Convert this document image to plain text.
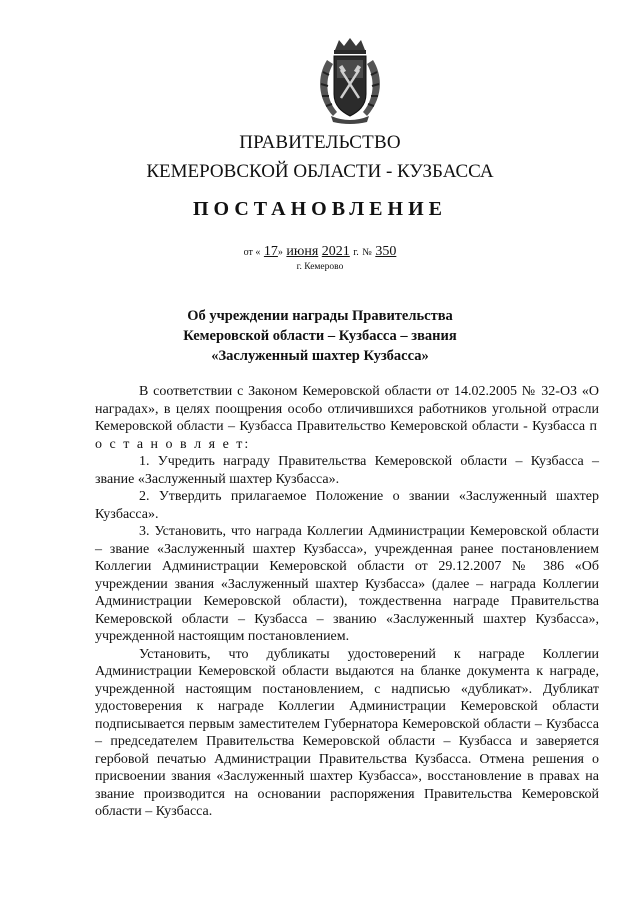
ПРАВИТЕЛЬСТВО
КЕМЕРОВСКОЙ ОБЛАСТИ - КУЗБАССА
ПОСТАНОВЛЕНИЕ
от « 17» июня 2021 г. № 350
г. Кемерово
Об учреждении награды Правительства
Кемеровской области – Кузбасса – звания
«Заслуженный шахтер Кузбасса»

В соответствии с Законом Кемеровской области от 14.02.2005 № 32-ОЗ «О наградах», в целях поощрения особо отличившихся работников угольной отрасли Кемеровской области – Кузбасса Правительство Кемеровской области - Кузбасса п о с т а н о в л я е т:

1. Учредить награду Правительства Кемеровской области – Кузбасса – звание «Заслуженный шахтер Кузбасса».

2. Утвердить прилагаемое Положение о звании «Заслуженный шахтер Кузбасса».

3. Установить, что награда Коллегии Администрации Кемеровской области – звание «Заслуженный шахтер Кузбасса», учрежденная ранее постановлением Коллегии Администрации Кемеровской области от 29.12.2007 № 386 «Об учреждении звания «Заслуженный шахтер Кузбасса» (далее – награда Коллегии Администрации Кемеровской области), тождественна награде Правительства Кемеровской области – Кузбасса – званию «Заслуженный шахтер Кузбасса», учрежденной настоящим постановлением.

Установить, что дубликаты удостоверений к награде Коллегии Администрации Кемеровской области выдаются на бланке документа к награде, учрежденной настоящим постановлением, с надписью «дубликат». Дубликат удостоверения к награде Коллегии Администрации Кемеровской области подписывается первым заместителем Губернатора Кемеровской области – Кузбасса – председателем Правительства Кемеровской области – Кузбасса и заверяется гербовой печатью Администрации Правительства Кузбасса. Отмена решения о присвоении звания «Заслуженный шахтер Кузбасса», восстановление в правах на звание производится на основании распоряжения Правительства Кемеровской области – Кузбасса.
